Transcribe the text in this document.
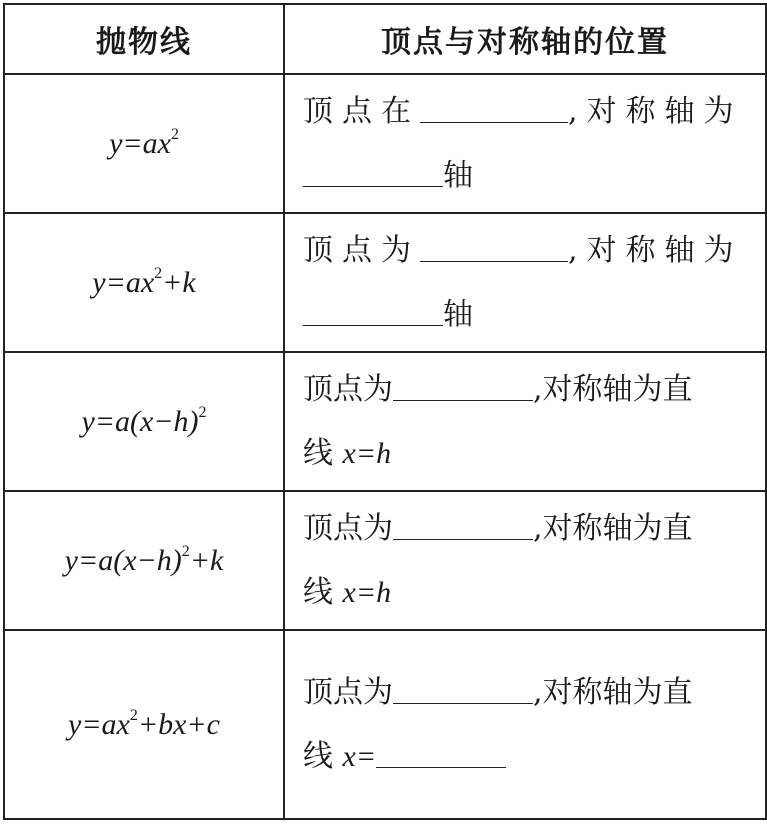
抛物线	顶点与对称轴的位置
$y=ax^2$	顶点在 ,对称轴为
轴

$y=ax^2+k$	顶点为 ,对称轴为
轴

$y=a(x-h)^2$	顶点为 ,对称轴为直
线 x=h

$y=a(x-h)^2+k$	顶点为 ,对称轴为直
线 x=h

$y=ax^2+bx+c$	顶点为 ,对称轴为直
线 x=
